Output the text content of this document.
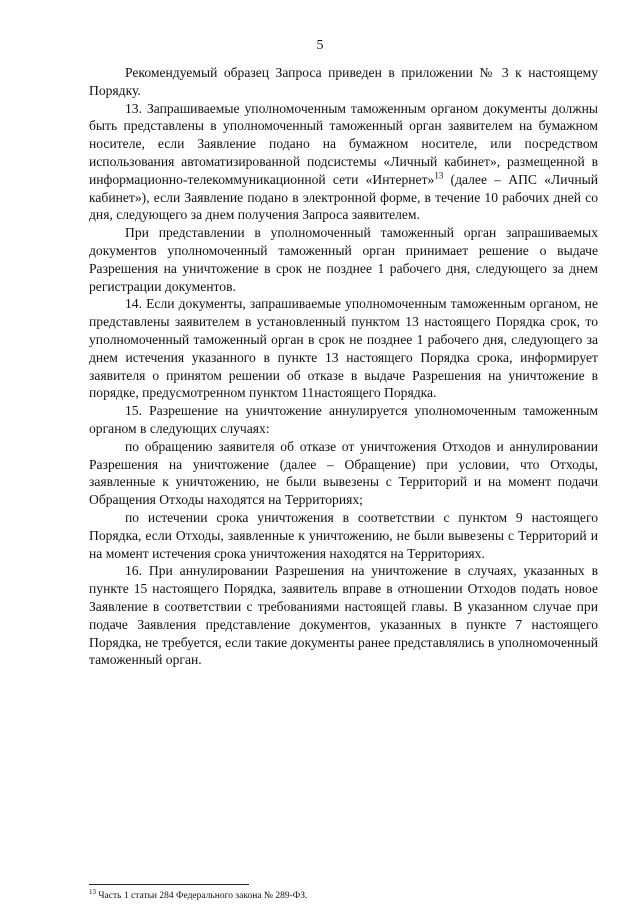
5

Рекомендуемый образец Запроса приведен в приложении № 3 к настоящему Порядку.

13. Запрашиваемые уполномоченным таможенным органом документы должны быть представлены в уполномоченный таможенный орган заявителем на бумажном носителе, если Заявление подано на бумажном носителе, или посредством использования автоматизированной подсистемы «Личный кабинет», размещенной в информационно-телекоммуникационной сети «Интернет»$^{13}$ (далее – АПС «Личный кабинет»), если Заявление подано в электронной форме, в течение 10 рабочих дней со дня, следующего за днем получения Запроса заявителем.

При представлении в уполномоченный таможенный орган запрашиваемых документов уполномоченный таможенный орган принимает решение о выдаче Разрешения на уничтожение в срок не позднее 1 рабочего дня, следующего за днем регистрации документов.

14. Если документы, запрашиваемые уполномоченным таможенным органом, не представлены заявителем в установленный пунктом 13 настоящего Порядка срок, то уполномоченный таможенный орган в срок не позднее 1 рабочего дня, следующего за днем истечения указанного в пункте 13 настоящего Порядка срока, информирует заявителя о принятом решении об отказе в выдаче Разрешения на уничтожение в порядке, предусмотренном пунктом 11настоящего Порядка.

15. Разрешение на уничтожение аннулируется уполномоченным таможенным органом в следующих случаях:

по обращению заявителя об отказе от уничтожения Отходов и аннулировании Разрешения на уничтожение (далее – Обращение) при условии, что Отходы, заявленные к уничтожению, не были вывезены с Территорий и на момент подачи Обращения Отходы находятся на Территориях;

по истечении срока уничтожения в соответствии с пунктом 9 настоящего Порядка, если Отходы, заявленные к уничтожению, не были вывезены с Территорий и на момент истечения срока уничтожения находятся на Территориях.

16. При аннулировании Разрешения на уничтожение в случаях, указанных в пункте 15 настоящего Порядка, заявитель вправе в отношении Отходов подать новое Заявление в соответствии с требованиями настоящей главы. В указанном случае при подаче Заявления представление документов, указанных в пункте 7 настоящего Порядка, не требуется, если такие документы ранее представлялись в уполномоченный таможенный орган.

$^{13}$ Часть 1 статьи 284 Федерального закона № 289-ФЗ.
